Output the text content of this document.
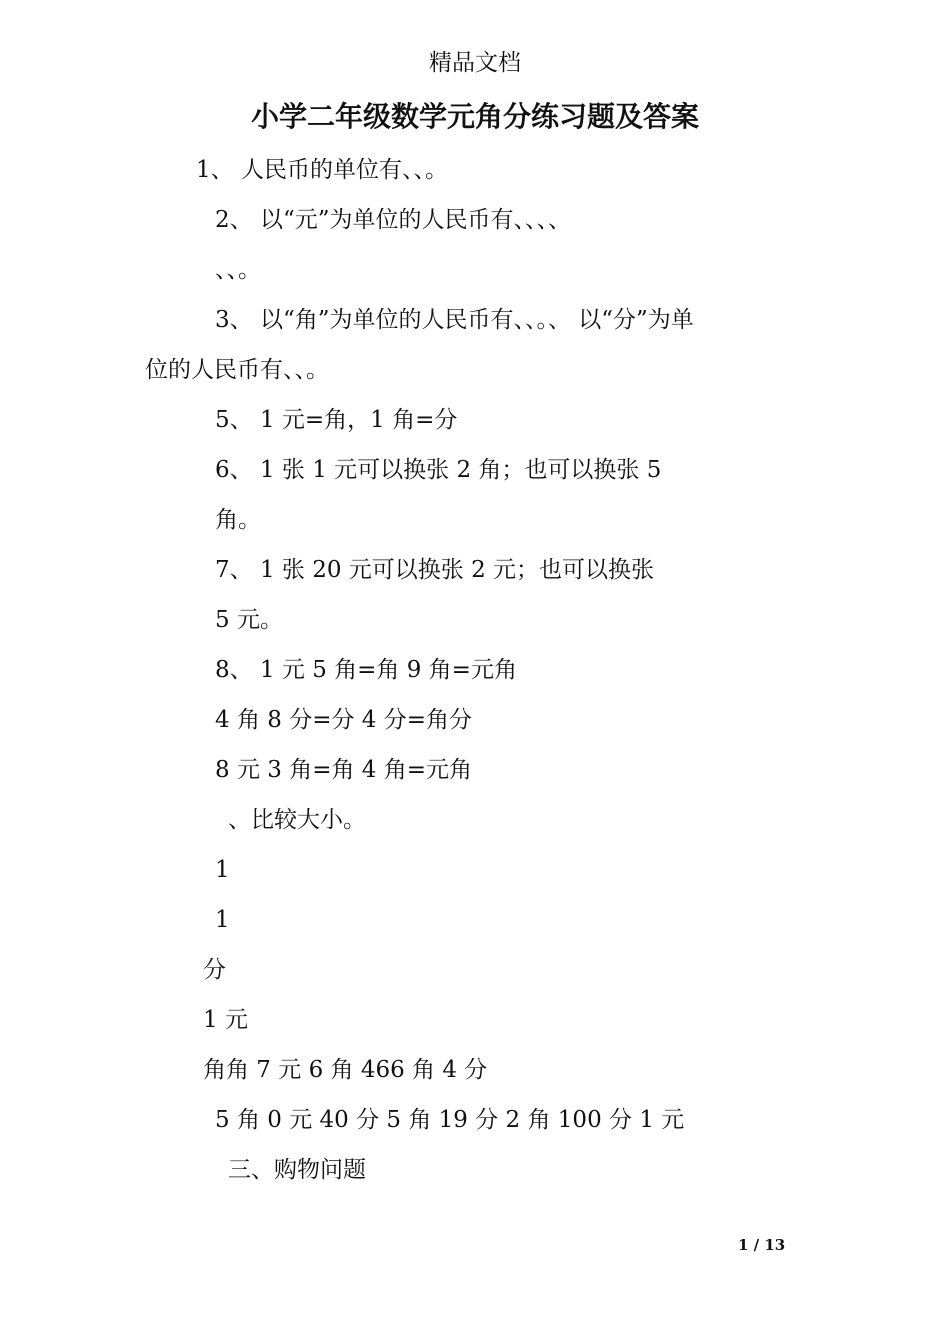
精品文档
小学二年级数学元角分练习题及答案
1、 人民币的单位有、、。
2、 以“元”为单位的人民币有、、、、
、、。
3、 以“角”为单位的人民币有、、。、 以“分”为单
位的人民币有、、。
5、 1 元=角，1 角=分
6、 1 张 1 元可以换张 2 角；也可以换张 5
角。
7、 1 张 20 元可以换张 2 元；也可以换张
5 元。
8、 1 元 5 角=角 9 角=元角
4 角 8 分=分 4 分=角分
8 元 3 角=角 4 角=元角
、比较大小。
1
1
分
1 元
角角 7 元 6 角 466 角 4 分
5 角 0 元 40 分 5 角 19 分 2 角 100 分 1 元
三、购物问题
1 / 13
